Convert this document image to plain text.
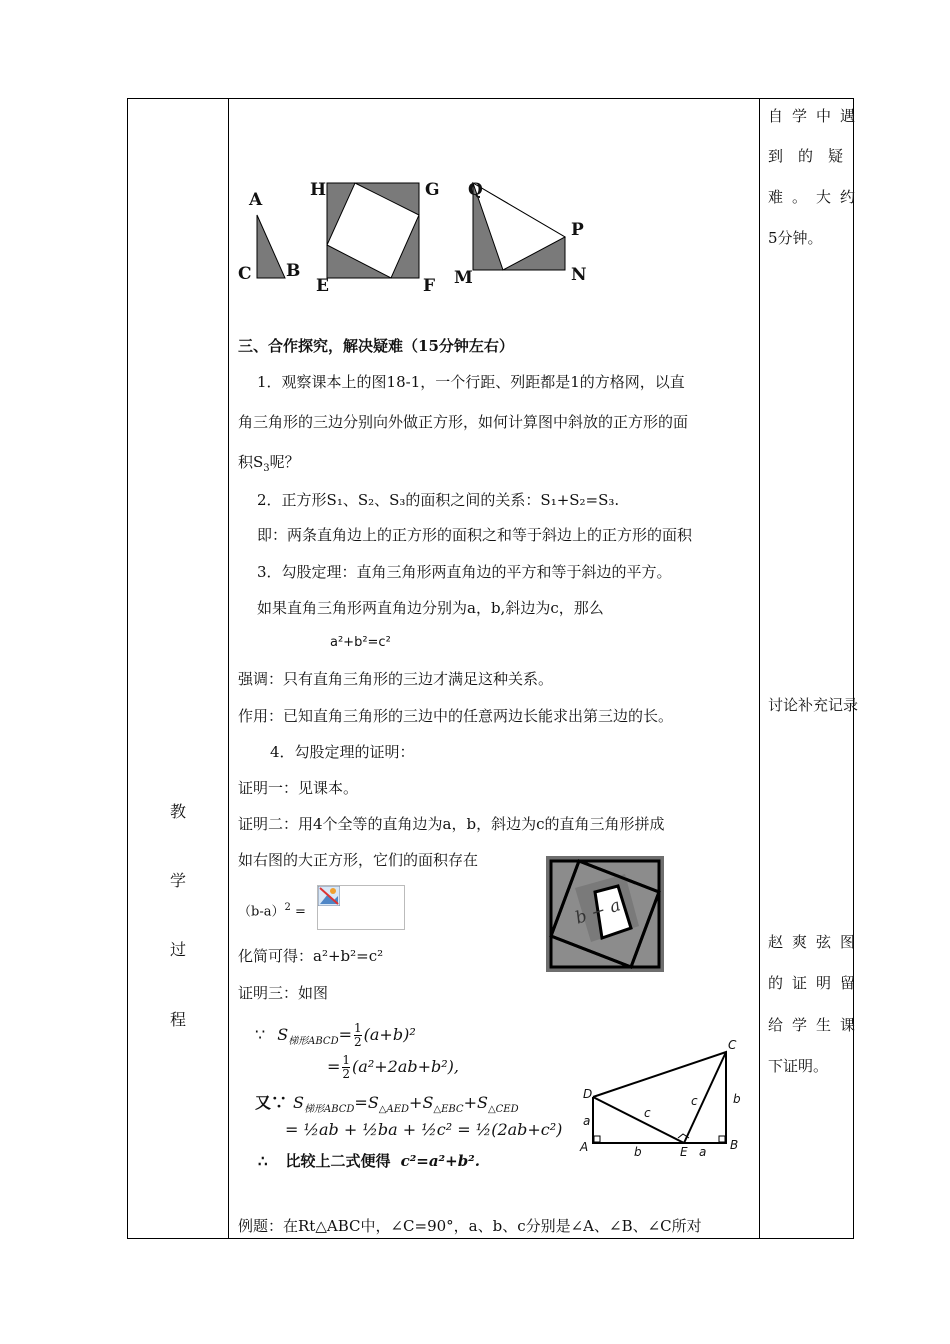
教
学
过
程
自学中遇
到的疑
难。大约
5分钟。
讨论补充记录
赵爽弦图
的证明留
给学生课
下证明。
A
C B
H	G
E	F
Q
P
M	N
三、合作探究，解决疑难（15分钟左右）
1．观察课本上的图18-1，一个行距、列距都是1的方格网，以直
角三角形的三边分别向外做正方形，如何计算图中斜放的正方形的面
积$S_3$呢？
2．正方形S₁、S₂、S₃的面积之间的关系：S₁+S₂=S₃.
即：两条直角边上的正方形的面积之和等于斜边上的正方形的面积
3．勾股定理：直角三角形两直角边的平方和等于斜边的平方。
如果直角三角形两直角边分别为a，b,斜边为c，那么
a²+b²=c²
强调：只有直角三角形的三边才满足这种关系。
作用：已知直角三角形的三边中的任意两边长能求出第三边的长。
4．勾股定理的证明：
证明一：见课本。
证明二：用4个全等的直角边为a，b，斜边为c的直角三角形拼成
如右图的大正方形，它们的面积存在
$(b-a)^2$ =	b − a
化简可得：a²+b²=c²
证明三：如图
∵ $S_{梯形ABCD}= \frac{1}{2} (a+b)^2$
= $\frac{1}{2} (a^2+2ab+b^2)$,
又∵ $S_{梯形ABCD}=S_{\triangle AED}+S_{\triangle EBC}+S_{\triangle CED}$
= ½ab + ½ba + ½c² = ½(2ab+c²)
∴ 比较上二式便得 c²=a²+b².
C
D
A	B
E
a
b
c
c	b
a
例题：在Rt△ABC中，∠C=90°，a、b、c分别是∠A、∠B、∠C所对
